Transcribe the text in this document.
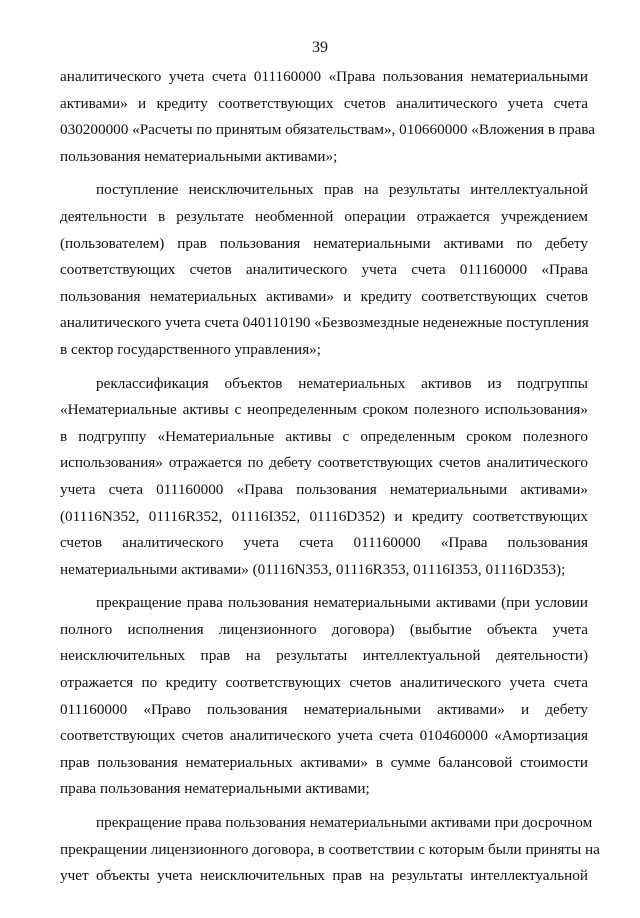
39
аналитического учета счета 011160000 «Права пользования нематериальными
активами» и кредиту соответствующих счетов аналитического учета счета
030200000 «Расчеты по принятым обязательствам», 010660000 «Вложения в права
пользования нематериальными активами»;
поступление неисключительных прав на результаты интеллектуальной
деятельности в результате необменной операции отражается учреждением
(пользователем) прав пользования нематериальными активами по дебету
соответствующих счетов аналитического учета счета 011160000 «Права
пользования нематериальных активами» и кредиту соответствующих счетов
аналитического учета счета 040110190 «Безвозмездные неденежные поступления
в сектор государственного управления»;
реклассификация объектов нематериальных активов из подгруппы
«Нематериальные активы с неопределенным сроком полезного использования»
в подгруппу «Нематериальные активы с определенным сроком полезного
использования» отражается по дебету соответствующих счетов аналитического
учета счета 011160000 «Права пользования нематериальными активами»
(01116N352, 01116R352, 01116I352, 01116D352) и кредиту соответствующих
счетов аналитического учета счета 011160000 «Права пользования
нематериальными активами» (01116N353, 01116R353, 01116I353, 01116D353);
прекращение права пользования нематериальными активами (при условии
полного исполнения лицензионного договора) (выбытие объекта учета
неисключительных прав на результаты интеллектуальной деятельности)
отражается по кредиту соответствующих счетов аналитического учета счета
011160000 «Право пользования нематериальными активами» и дебету
соответствующих счетов аналитического учета счета 010460000 «Амортизация
прав пользования нематериальных активами» в сумме балансовой стоимости
права пользования нематериальными активами;
прекращение права пользования нематериальными активами при досрочном
прекращении лицензионного договора, в соответствии с которым были приняты на
учет объекты учета неисключительных прав на результаты интеллектуальной
